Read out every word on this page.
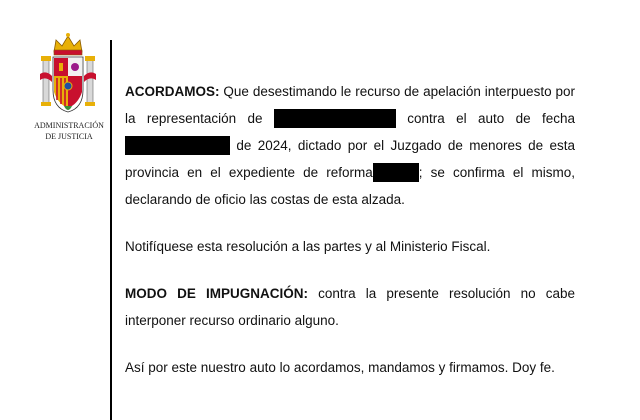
ADMINISTRACIÓN
DE JUSTICIA

ACORDAMOS: Que desestimando le recurso de apelación interpuesto por la representación de	contra el auto de fecha de 2024, dictado por el Juzgado de menores de esta provincia en el expediente de reforma	; se confirma el mismo, declarando de oficio las costas de esta alzada.

Notifíquese esta resolución a las partes y al Ministerio Fiscal.

MODO DE IMPUGNACIÓN: contra la presente resolución no cabe interponer recurso ordinario alguno.

Así por este nuestro auto lo acordamos, mandamos y firmamos. Doy fe.
